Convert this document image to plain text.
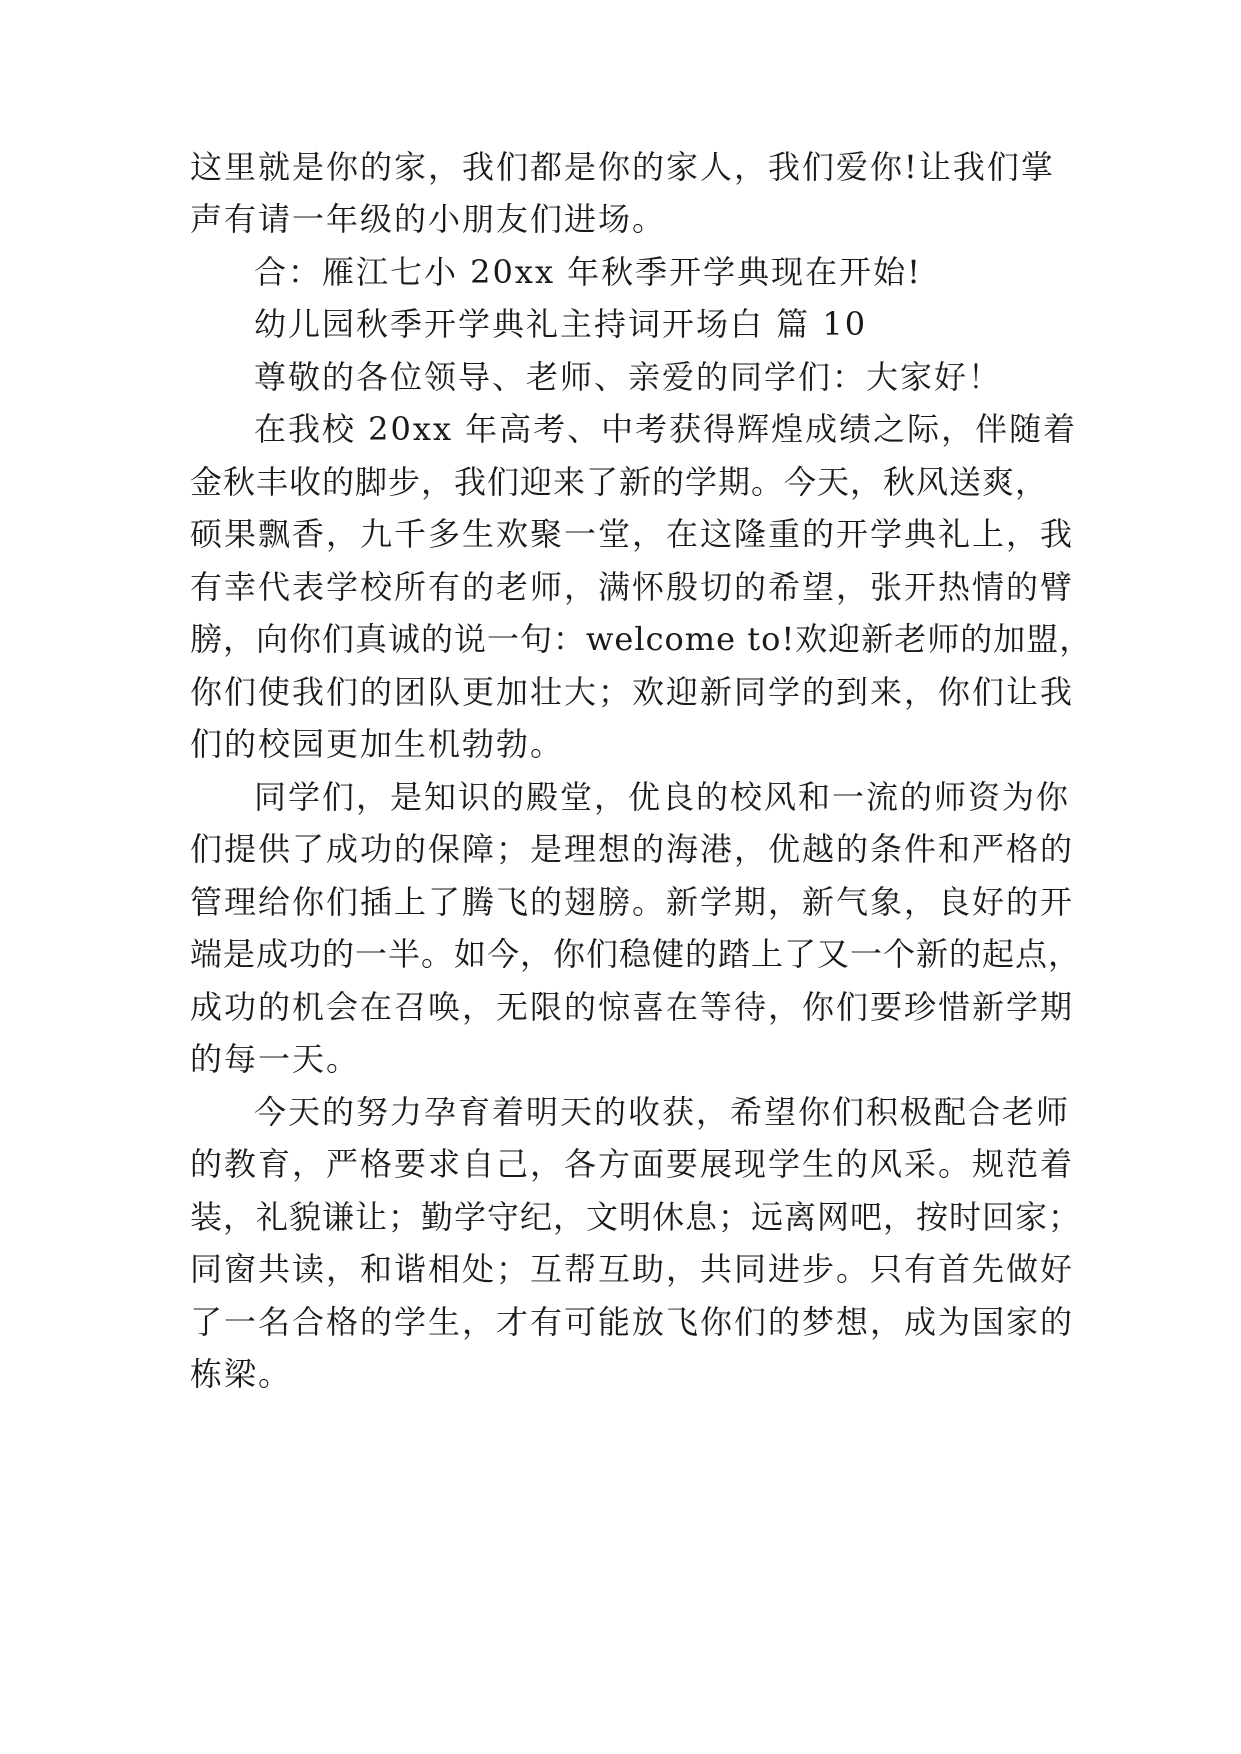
这里就是你的家，我们都是你的家人，我们爱你!让我们掌
声有请一年级的小朋友们进场。
合：雁江七小 20xx 年秋季开学典现在开始!
幼儿园秋季开学典礼主持词开场白 篇 10
尊敬的各位领导、老师、亲爱的同学们：大家好！
在我校 20xx 年高考、中考获得辉煌成绩之际，伴随着
金秋丰收的脚步，我们迎来了新的学期。今天，秋风送爽，
硕果飘香，九千多生欢聚一堂，在这隆重的开学典礼上，我
有幸代表学校所有的老师，满怀殷切的希望，张开热情的臂
膀，向你们真诚的说一句：welcome to!欢迎新老师的加盟，
你们使我们的团队更加壮大；欢迎新同学的到来，你们让我
们的校园更加生机勃勃。
同学们，是知识的殿堂，优良的校风和一流的师资为你
们提供了成功的保障；是理想的海港，优越的条件和严格的
管理给你们插上了腾飞的翅膀。新学期，新气象，良好的开
端是成功的一半。如今，你们稳健的踏上了又一个新的起点，
成功的机会在召唤，无限的惊喜在等待，你们要珍惜新学期
的每一天。
今天的努力孕育着明天的收获，希望你们积极配合老师
的教育，严格要求自己，各方面要展现学生的风采。规范着
装，礼貌谦让；勤学守纪，文明休息；远离网吧，按时回家；
同窗共读，和谐相处；互帮互助，共同进步。只有首先做好
了一名合格的学生，才有可能放飞你们的梦想，成为国家的
栋梁。
